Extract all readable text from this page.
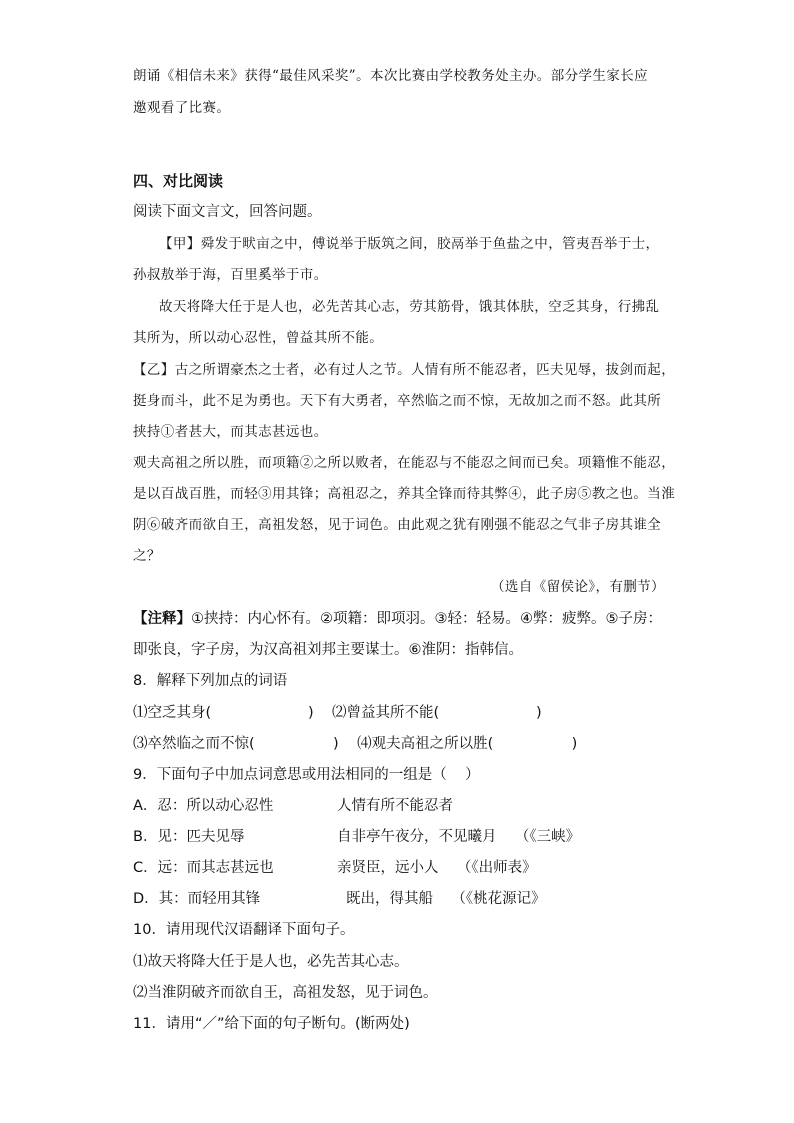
朗诵《相信未来》获得“最佳风采奖”。本次比赛由学校教务处主办。部分学生家长应
邀观看了比赛。
四、对比阅读
阅读下面文言文，回答问题。
【甲】舜发于畎亩之中，傅说举于版筑之间，胶鬲举于鱼盐之中，管夷吾举于士，
孙叔敖举于海，百里奚举于市。
故天将降大任于是人也，必先苦其心志，劳其筋骨，饿其体肤，空乏其身，行拂乱
其所为，所以动心忍性，曾益其所不能。
【乙】古之所谓豪杰之士者，必有过人之节。人情有所不能忍者，匹夫见辱，拔剑而起，
挺身而斗，此不足为勇也。天下有大勇者，卒然临之而不惊，无故加之而不怒。此其所
挟持①者甚大，而其志甚远也。
观夫高祖之所以胜，而项籍②之所以败者，在能忍与不能忍之间而已矣。项籍惟不能忍，
是以百战百胜，而轻③用其锋；高祖忍之，养其全锋而待其弊④，此子房⑤教之也。当淮
阴⑥破齐而欲自王，高祖发怒，见于词色。由此观之犹有刚强不能忍之气非子房其谁全
之？
（选自《留侯论》，有删节）
【注释】①挟持：内心怀有。②项籍：即项羽。③轻：轻易。④弊：疲弊。⑤子房：
即张良，字子房，为汉高祖刘邦主要谋士。⑥淮阴：指韩信。
8．解释下列加点的词语
⑴空乏其身(                     )    ⑵曾益其所不能(                     )
⑶卒然临之而不惊(                 )    ⑷观夫高祖之所以胜(                 )
9．下面句子中加点词意思或用法相同的一组是（    ）
A．忍：所以动心忍性	人情有所不能忍者
B．见：匹夫见辱	自非亭午夜分，不见曦月    （《三峡》
C．远：而其志甚远也	亲贤臣，远小人    （《出师表》
D．其：而轻用其锋	既出，得其船    （《桃花源记》
10．请用现代汉语翻译下面句子。
⑴故天将降大任于是人也，必先苦其心志。
⑵当淮阴破齐而欲自王，高祖发怒，见于词色。
11．请用“／”给下面的句子断句。(断两处)
